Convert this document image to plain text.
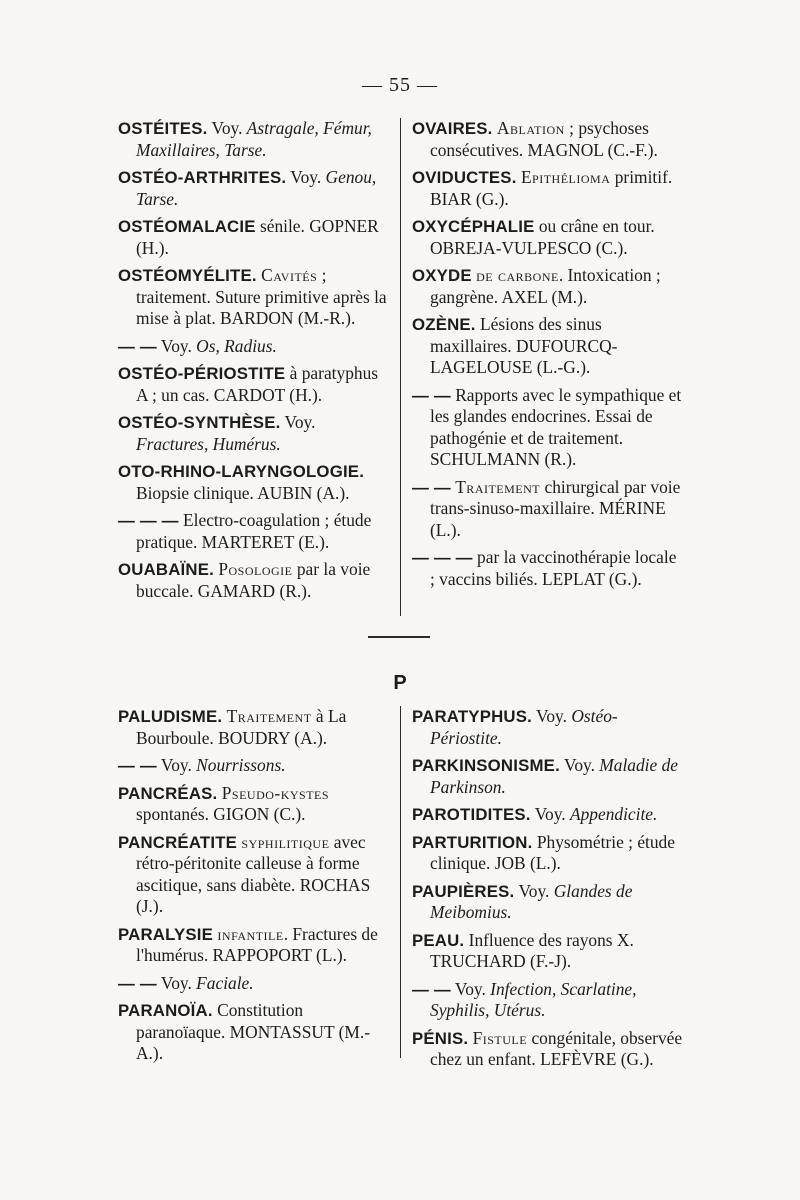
— 55 —
OSTÉITES. Voy. Astragale, Fémur, Maxillaires, Tarse.
OSTÉO-ARTHRITES. Voy. Genou, Tarse.
OSTÉOMALACIE sénile. GOPNER (H.).
OSTÉOMYÉLITE. Cavités ; traitement. Suture primitive après la mise à plat. BARDON (M.-R.).
— — Voy. Os, Radius.
OSTÉO-PÉRIOSTITE à paratyphus A ; un cas. CARDOT (H.).
OSTÉO-SYNTHÈSE. Voy. Fractures, Humérus.
OTO-RHINO-LARYNGOLOGIE. Biopsie clinique. AUBIN (A.).
— — — Electro-coagulation ; étude pratique. MARTERET (E.).
OUABAÏNE. Posologie par la voie buccale. GAMARD (R.).
OVAIRES. Ablation ; psychoses consécutives. MAGNOL (C.-F.).
OVIDUCTES. Epithélioma primitif. BIAR (G.).
OXYCÉPHALIE ou crâne en tour. OBREJA-VULPESCO (C.).
OXYDE de carbone. Intoxication ; gangrène. AXEL (M.).
OZÈNE. Lésions des sinus maxillaires. DUFOURCQ-LAGELOUSE (L.-G.).
— — Rapports avec le sympathique et les glandes endocrines. Essai de pathogénie et de traitement. SCHULMANN (R.).
— — Traitement chirurgical par voie trans-sinuso-maxillaire. MÉRINE (L.).
— — — par la vaccinothérapie locale ; vaccins biliés. LEPLAT (G.).
P
PALUDISME. Traitement à La Bourboule. BOUDRY (A.).
— — Voy. Nourrissons.
PANCRÉAS. Pseudo-kystes spontanés. GIGON (C.).
PANCRÉATITE syphilitique avec rétro-péritonite calleuse à forme ascitique, sans diabète. ROCHAS (J.).
PARALYSIE infantile. Fractures de l'humérus. RAPPOPORT (L.).
— — Voy. Faciale.
PARANOÏA. Constitution paranoïaque. MONTASSUT (M.-A.).
PARATYPHUS. Voy. Ostéo-Périostite.
PARKINSONISME. Voy. Maladie de Parkinson.
PAROTIDITES. Voy. Appendicite.
PARTURITION. Physométrie ; étude clinique. JOB (L.).
PAUPIÈRES. Voy. Glandes de Meibomius.
PEAU. Influence des rayons X. TRUCHARD (F.-J).
— — Voy. Infection, Scarlatine, Syphilis, Utérus.
PÉNIS. Fistule congénitale, observée chez un enfant. LEFÈVRE (G.).
